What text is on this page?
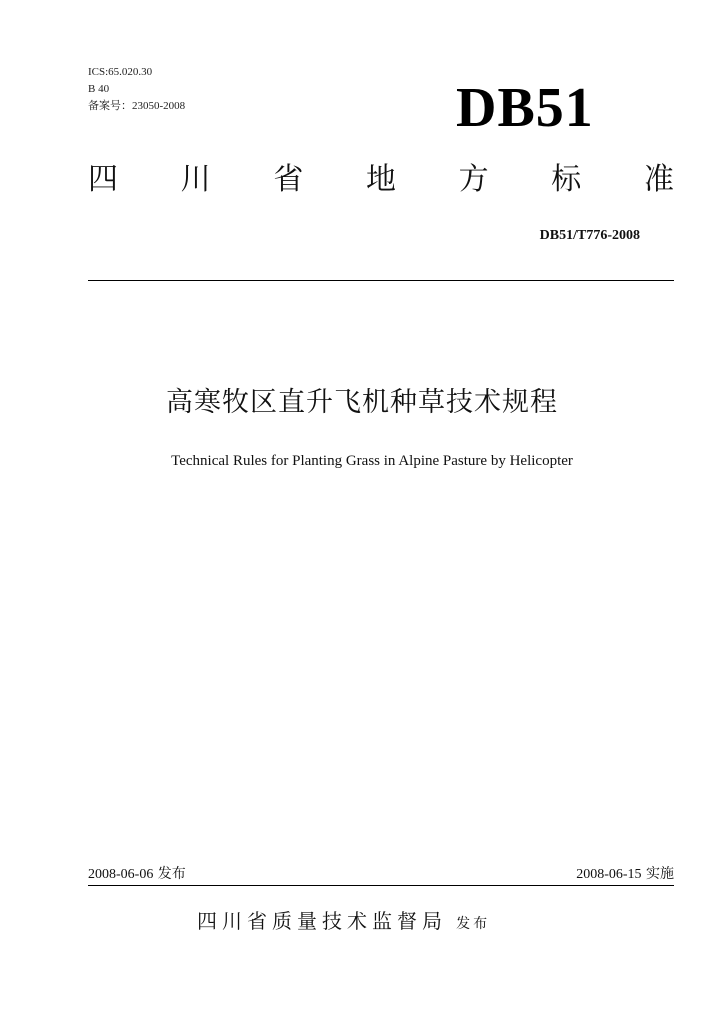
ICS:65.020.30
B 40
备案号：23050-2008	DB51
四 川 省 地 方 标 准
DB51/T776-2008
高寒牧区直升飞机种草技术规程
Technical Rules for Planting Grass in Alpine Pasture by Helicopter
2008-06-06 发布	2008-06-15 实施
四川省质量技术监督局 发布
